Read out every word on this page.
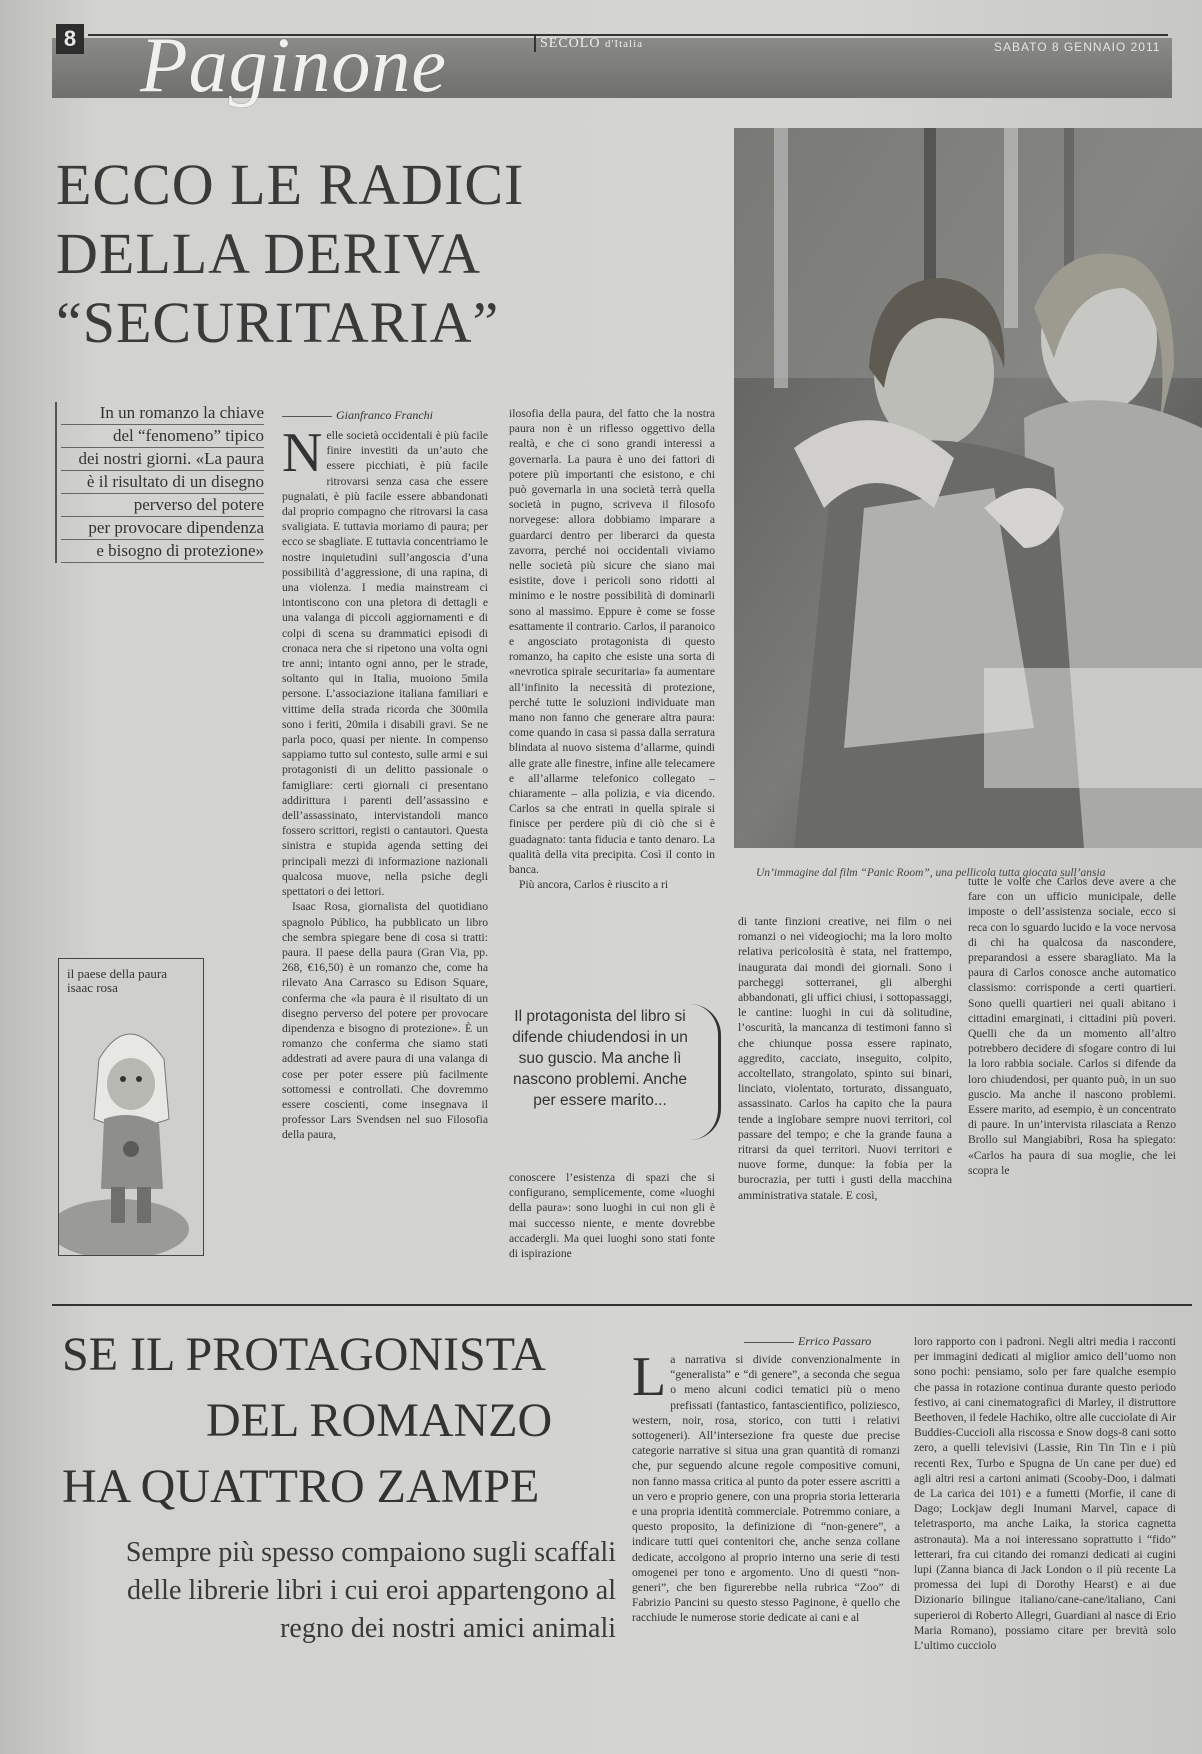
8 Paginone	SECOLO d'Italia	SABATO 8 GENNAIO 2011
ECCO LE RADICI
DELLA DERIVA
“SECURITARIA”
In un romanzo la chiave
del “fenomeno” tipico
dei nostri giorni. «La paura
è il risultato di un disegno
perverso del potere
per provocare dipendenza
e bisogno di protezione»
Gianfranco Franchi
Nelle società occidentali è più facile finire investiti da un’auto che essere picchiati, è più facile ritrovarsi senza casa che essere pugnalati, è più facile essere abbandonati dal proprio compagno che ritrovarsi la casa svaligiata. E tuttavia moriamo di paura; per ecco se sbagliate. E tuttavia concentriamo le nostre inquietudini sull’angoscia d’una possibilità d’aggressione, di una rapina, di una violenza. I media mainstream ci intontiscono con una pletora di dettagli e una valanga di piccoli aggiornamenti e di colpi di scena su drammatici episodi di cronaca nera che si ripetono una volta ogni tre anni; intanto ogni anno, per le strade, soltanto qui in Italia, muoiono 5mila persone. L’associazione italiana familiari e vittime della strada ricorda che 300mila sono i feriti, 20mila i disabili gravi. Se ne parla poco, quasi per niente. In compenso sappiamo tutto sul contesto, sulle armi e sui protagonisti di un delitto passionale o famigliare: certi giornali ci presentano addirittura i parenti dell’assassino e dell’assassinato, intervistandoli manco fossero scrittori, registi o cantautori. Questa sinistra e stupida agenda setting dei principali mezzi di informazione nazionali qualcosa muove, nella psiche degli spettatori o dei lettori.
Isaac Rosa, giornalista del quotidiano spagnolo Público, ha pubblicato un libro che sembra spiegare bene di cosa si tratti: paura. Il paese della paura (Gran Via, pp. 268, €16,50) è un romanzo che, come ha rilevato Ana Carrasco su Edison Square, conferma che «la paura è il risultato di un disegno perverso del potere per provocare dipendenza e bisogno di protezione». È un romanzo che conferma che siamo stati addestrati ad avere paura di una valanga di cose per poter essere più facilmente sottomessi e controllati. Che dovremmo essere coscienti, come insegnava il professor Lars Svendsen nel suo Filosofia della paura,
ilosofia della paura, del fatto che la nostra paura non è un riflesso oggettivo della realtà, e che ci sono grandi interessi a governarla. La paura è uno dei fattori di potere più importanti che esistono, e chi può governarla in una società terrà quella società in pugno, scriveva il filosofo norvegese: allora dobbiamo imparare a guardarci dentro per liberarci da questa zavorra, perché noi occidentali viviamo nelle società più sicure che siano mai esistite, dove i pericoli sono ridotti al minimo e le nostre possibilità di dominarli sono al massimo. Eppure è come se fosse esattamente il contrario. Carlos, il paranoico e angosciato protagonista di questo romanzo, ha capito che esiste una sorta di «nevrotica spirale securitaria» fa aumentare all’infinito la necessità di protezione, perché tutte le soluzioni individuate man mano non fanno che generare altra paura: come quando in casa si passa dalla serratura blindata al nuovo sistema d’allarme, quindi alle grate alle finestre, infine alle telecamere e all’allarme telefonico collegato – chiaramente – alla polizia, e via dicendo. Carlos sa che entrati in quella spirale si finisce per perdere più di ciò che si è guadagnato: tanta fiducia e tanto denaro. La qualità della vita precipita. Così il conto in banca.
Più ancora, Carlos è riuscito a ri
Il protagonista del libro si difende chiudendosi in un suo guscio. Ma anche lì nascono problemi. Anche per essere marito...
conoscere l’esistenza di spazi che si configurano, semplicemente, come «luoghi della paura»: sono luoghi in cui non gli è mai successo niente, e mente dovrebbe accadergli. Ma quei luoghi sono stati fonte di ispirazione
Un’immagine dal film “Panic Room”, una pellicola tutta giocata sull’ansia
il paese della paura
isaac rosa
di tante finzioni creative, nei film o nei romanzi o nei videogiochi; ma la loro molto relativa pericolosità è stata, nel frattempo, inaugurata dai mondi dei giornali. Sono i parcheggi sotterranei, gli alberghi abbandonati, gli uffici chiusi, i sottopassaggi, le cantine: luoghi in cui dà solitudine, l’oscurità, la mancanza di testimoni fanno sì che chiunque possa essere rapinato, aggredito, cacciato, inseguito, colpito, accoltellato, strangolato, spinto sui binari, linciato, violentato, torturato, dissanguato, assassinato. Carlos ha capito che la paura tende a inglobare sempre nuovi territori, col passare del tempo; e che la grande fauna a ritrarsi da quei territori. Nuovi territori e nuove forme, dunque: la fobia per la burocrazia, per tutti i gusti della macchina amministrativa statale. E così,
tutte le volte che Carlos deve avere a che fare con un ufficio municipale, delle imposte o dell’assistenza sociale, ecco si reca con lo sguardo lucido e la voce nervosa di chi ha qualcosa da nascondere, preparandosi a essere sbaragliato. Ma la paura di Carlos conosce anche automatico classismo: corrisponde a certi quartieri. Sono quelli quartieri nei quali abitano i cittadini emarginati, i cittadini più poveri. Quelli che da un momento all’altro potrebbero decidere di sfogare contro di lui la loro rabbia sociale. Carlos si difende da loro chiudendosi, per quanto può, in un suo guscio. Ma anche il nascono problemi. Essere marito, ad esempio, è un concentrato di paure. In un’intervista rilasciata a Renzo Brollo sul Mangiabibri, Rosa ha spiegato: «Carlos ha paura di sua moglie, che lei scopra le
SE IL PROTAGONISTA
DEL ROMANZO
HA QUATTRO ZAMPE
Sempre più spesso compaiono sugli scaffali delle librerie libri i cui eroi appartengono al regno dei nostri amici animali
Errico Passaro
La narrativa si divide convenzionalmente in “generalista” e “di genere”, a seconda che segua o meno alcuni codici tematici più o meno prefissati (fantastico, fantascientifico, poliziesco, western, noir, rosa, storico, con tutti i relativi sottogeneri). All’intersezione fra queste due precise categorie narrative si situa una gran quantità di romanzi che, pur seguendo alcune regole compositive comuni, non fanno massa critica al punto da poter essere ascritti a un vero e proprio genere, con una propria storia letteraria e una propria identità commerciale. Potremmo coniare, a questo proposito, la definizione di “non-genere”, a indicare tutti quei contenitori che, anche senza collane dedicate, accolgono al proprio interno una serie di testi omogenei per tono e argomento. Uno di questi “non-generi”, che ben figurerebbe nella rubrica “Zoo” di Fabrizio Pancini su questo stesso Paginone, è quello che racchiude le numerose storie dedicate ai cani e al
loro rapporto con i padroni. Negli altri media i racconti per immagini dedicati al miglior amico dell’uomo non sono pochi: pensiamo, solo per fare qualche esempio che passa in rotazione continua durante questo periodo festivo, ai cani cinematografici di Marley, il distruttore Beethoven, il fedele Hachiko, oltre alle cucciolate di Air Buddies-Cuccioli alla riscossa e Snow dogs-8 cani sotto zero, a quelli televisivi (Lassie, Rin Tin Tin e i più recenti Rex, Turbo e Spugna de Un cane per due) ed agli altri resi a cartoni animati (Scooby-Doo, i dalmati de La carica dei 101) e a fumetti (Morfie, il cane di Dago; Lockjaw degli Inumani Marvel, capace di teletrasporto, ma anche Laika, la storica cagnetta astronauta). Ma a noi interessano soprattutto i “fido” letterari, fra cui citando dei romanzi dedicati ai cugini lupi (Zanna bianca di Jack London o il più recente La promessa dei lupi di Dorothy Hearst) e ai due Dizionario bilingue italiano/cane-cane/italiano, Cani superieroi di Roberto Allegri, Guardiani al nasce di Erio Maria Romano), possiamo citare per brevità solo L’ultimo cucciolo
